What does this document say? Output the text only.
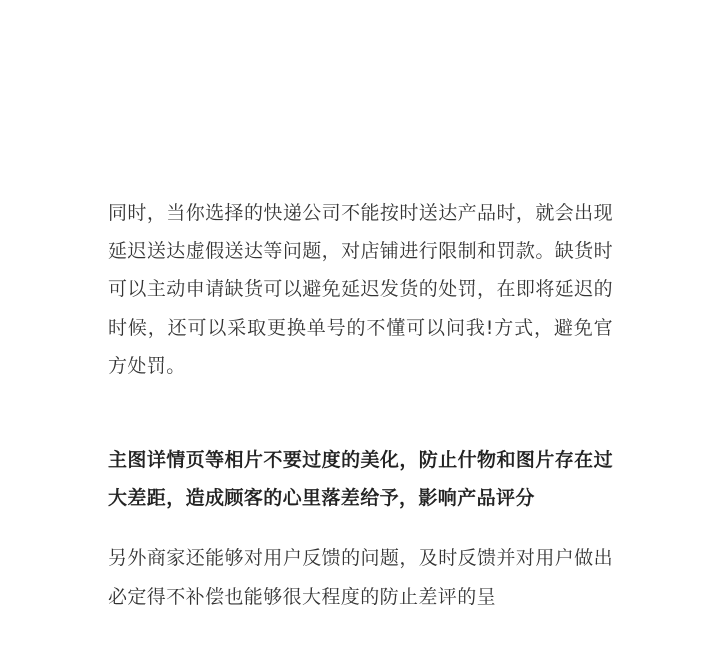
同时，当你选择的快递公司不能按时送达产品时，就会出现延迟送达虚假送达等问题，对店铺进行限制和罚款。缺货时可以主动申请缺货可以避免延迟发货的处罚，在即将延迟的时候，还可以采取更换单号的不懂可以问我!方式，避免官方处罚。

主图详情页等相片不要过度的美化，防止什物和图片存在过大差距，造成顾客的心里落差给予，影响产品评分

另外商家还能够对用户反馈的问题，及时反馈并对用户做出必定得不补偿也能够很大程度的防止差评的呈
